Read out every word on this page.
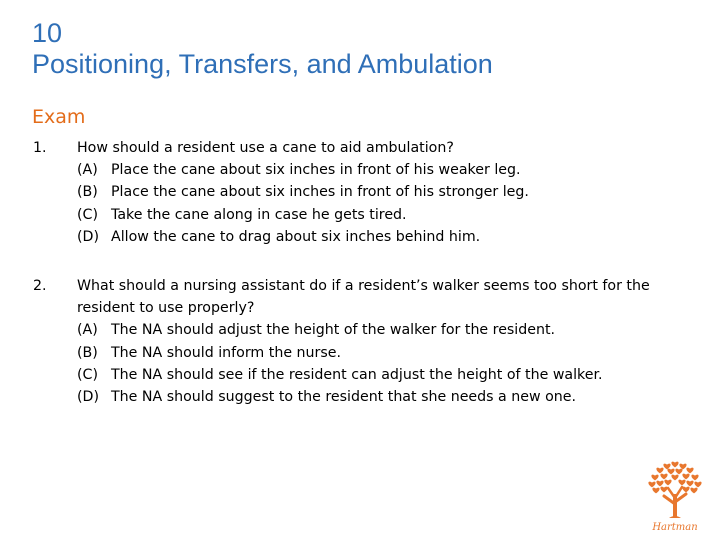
10
Positioning, Transfers, and Ambulation
Exam
1. How should a resident use a cane to aid ambulation?

(A) Place the cane about six inches in front of his weaker leg.
(B) Place the cane about six inches in front of his stronger leg.
(C) Take the cane along in case he gets tired.
(D) Allow the cane to drag about six inches behind him.
2. What should a nursing assistant do if a resident’s walker seems too short for the resident to use properly?

(A) The NA should adjust the height of the walker for the resident.
(B) The NA should inform the nurse.
(C) The NA should see if the resident can adjust the height of the walker.
(D) The NA should suggest to the resident that she needs a new one.
Hartman
